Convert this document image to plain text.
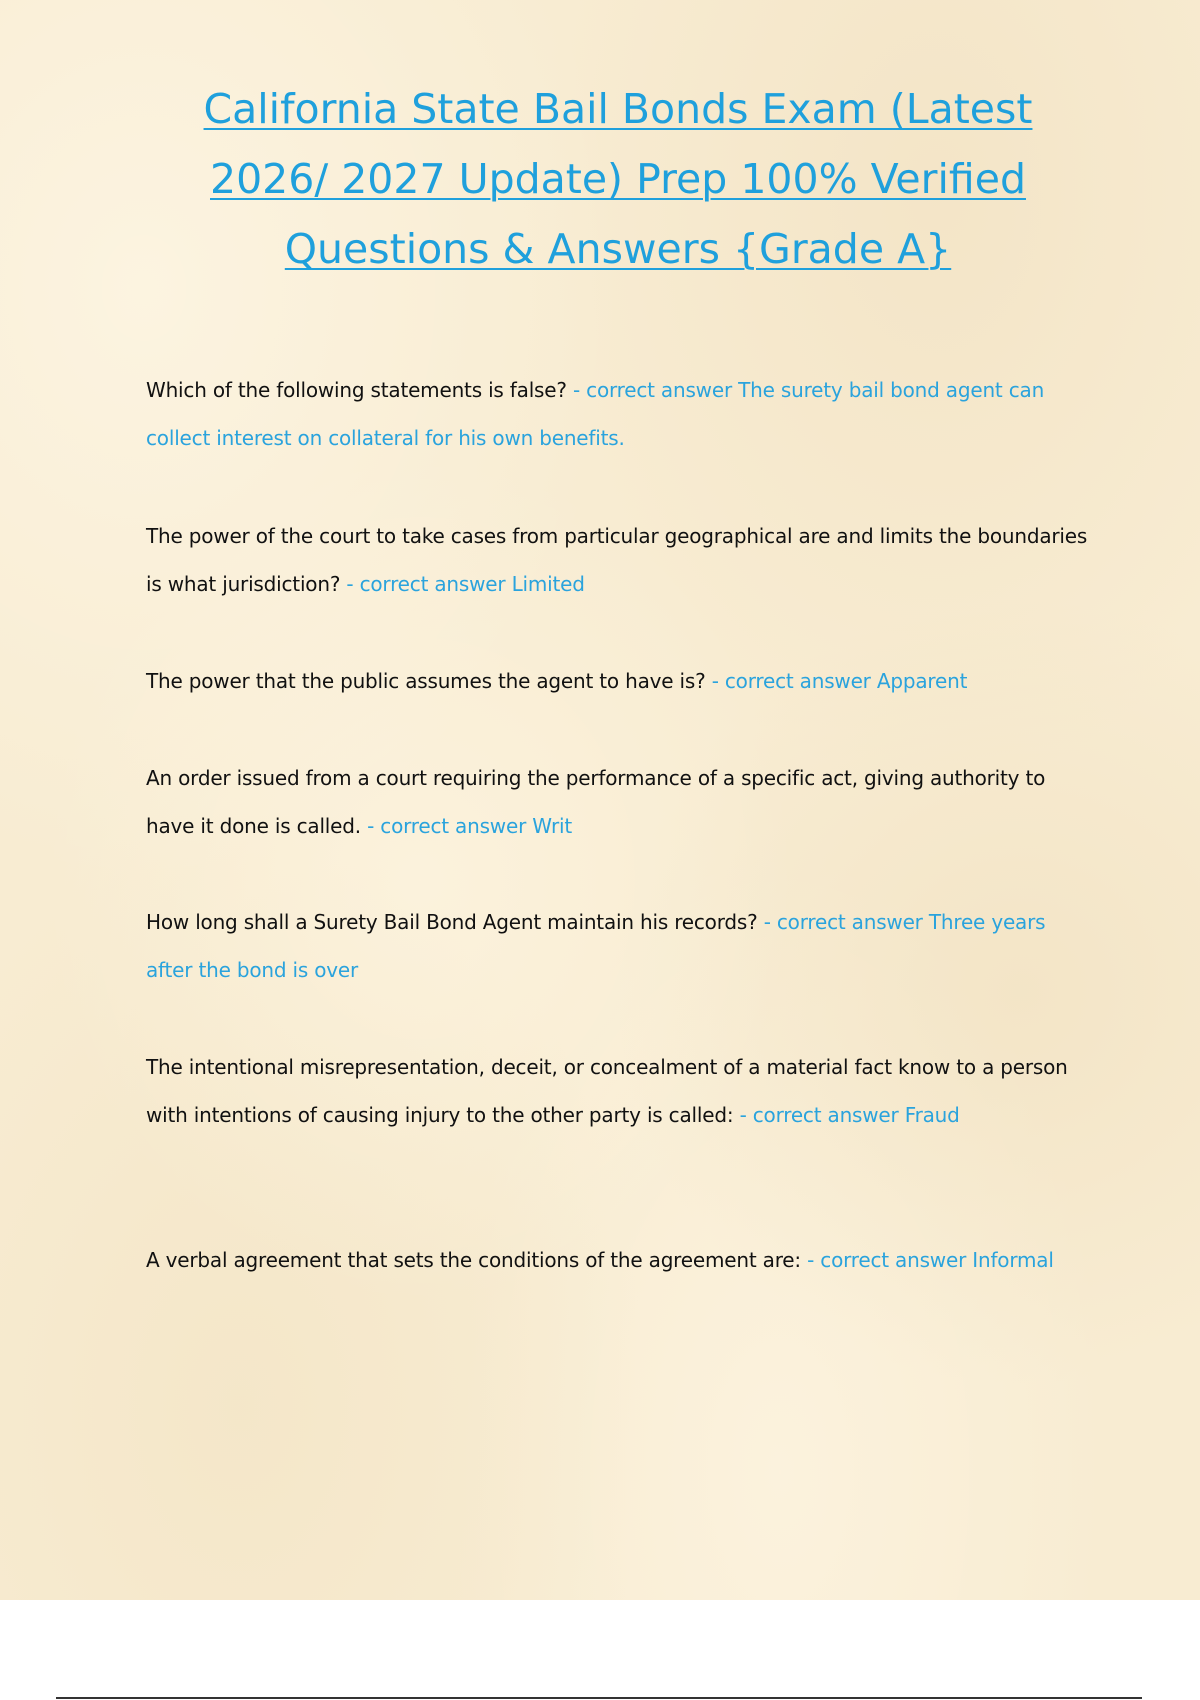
California State Bail Bonds Exam (Latest 2026/ 2027 Update) Prep 100% Verified Questions & Answers {Grade A}

Which of the following statements is false? - correct answer The surety bail bond agent can collect interest on collateral for his own benefits.

The power of the court to take cases from particular geographical are and limits the boundaries is what jurisdiction? - correct answer Limited

The power that the public assumes the agent to have is? - correct answer Apparent

An order issued from a court requiring the performance of a specific act, giving authority to have it done is called. - correct answer Writ

How long shall a Surety Bail Bond Agent maintain his records? - correct answer Three years after the bond is over

The intentional misrepresentation, deceit, or concealment of a material fact know to a person with intentions of causing injury to the other party is called: - correct answer Fraud

A verbal agreement that sets the conditions of the agreement are: - correct answer Informal
